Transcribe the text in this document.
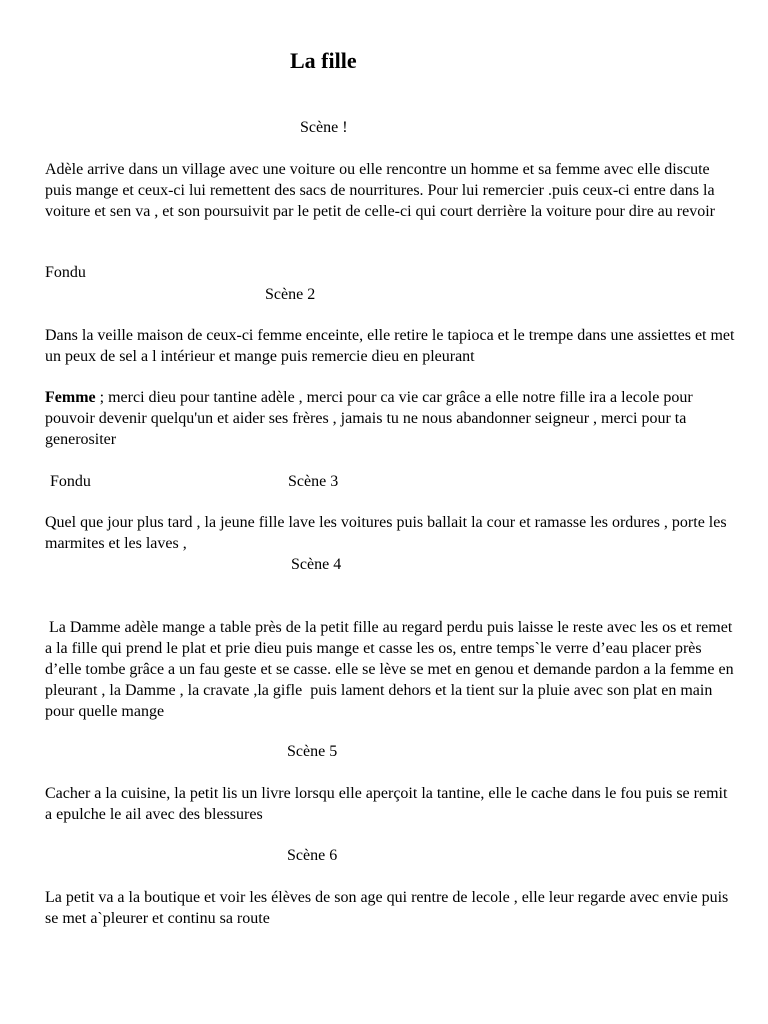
La fille
Scène !
Adèle arrive dans un village avec une voiture ou elle rencontre un homme et sa femme avec elle discute puis mange et ceux-ci lui remettent des sacs de nourritures. Pour lui remercier .puis ceux-ci entre dans la voiture et sen va , et son poursuivit par le petit de celle-ci qui court derrière la voiture pour dire au revoir
Fondu
Scène 2
Dans la veille maison de ceux-ci femme enceinte, elle retire le tapioca et le trempe dans une assiettes et met un peux de sel a l intérieur et mange puis remercie dieu en pleurant
Femme ; merci dieu pour tantine adèle , merci pour ca vie car grâce a elle notre fille ira a lecole pour pouvoir devenir quelqu'un et aider ses frères , jamais tu ne nous abandonner seigneur , merci pour ta generositer
Fondu	Scène 3
Quel que jour plus tard , la jeune fille lave les voitures puis ballait la cour et ramasse les ordures , porte les marmites et les laves ,
Scène 4
La Damme adèle mange a table près de la petit fille au regard perdu puis laisse le reste avec les os et remet a la fille qui prend le plat et prie dieu puis mange et casse les os, entre temps`le verre d’eau placer près d’elle tombe grâce a un fau geste et se casse. elle se lève se met en genou et demande pardon a la femme en pleurant , la Damme , la cravate ,la gifle  puis lament dehors et la tient sur la pluie avec son plat en main pour quelle mange
Scène 5
Cacher a la cuisine, la petit lis un livre lorsqu elle aperçoit la tantine, elle le cache dans le fou puis se remit a epulche le ail avec des blessures
Scène 6
La petit va a la boutique et voir les élèves de son age qui rentre de lecole , elle leur regarde avec envie puis se met a`pleurer et continu sa route
